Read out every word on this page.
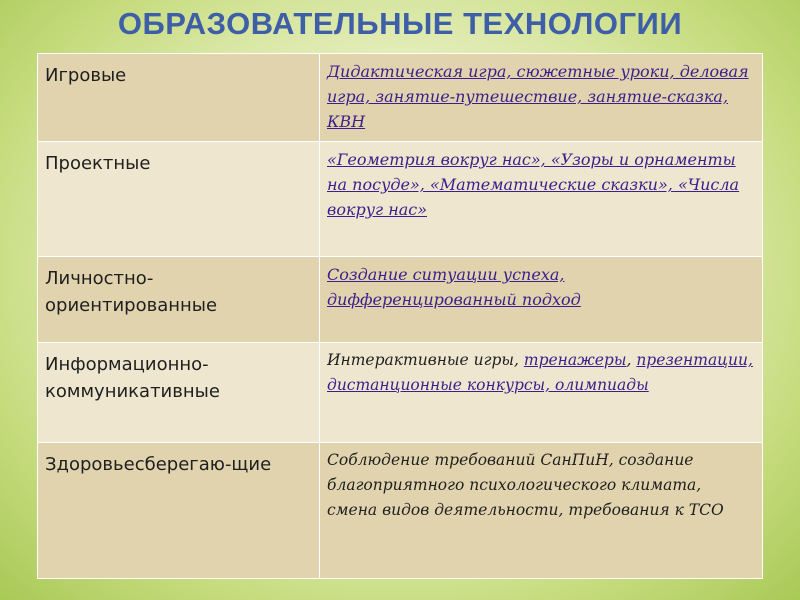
ОБРАЗОВАТЕЛЬНЫЕ ТЕХНОЛОГИИ
Игровые	Дидактическая игра, сюжетные уроки, деловая игра, занятие-путешествие, занятие-сказка, КВН
Проектные	«Геометрия вокруг нас», «Узоры и орнаменты на посуде», «Математические сказки», «Числа вокруг нас»
Личностно-ориентированные	Создание ситуации успеха, дифференцированный подход
Информационно-коммуникативные	Интерактивные игры, тренажеры, презентации, дистанционные конкурсы, олимпиады
Здоровьесберегаю-щие	Соблюдение требований СанПиН, создание благоприятного психологического климата, смена видов деятельности, требования к ТСО
